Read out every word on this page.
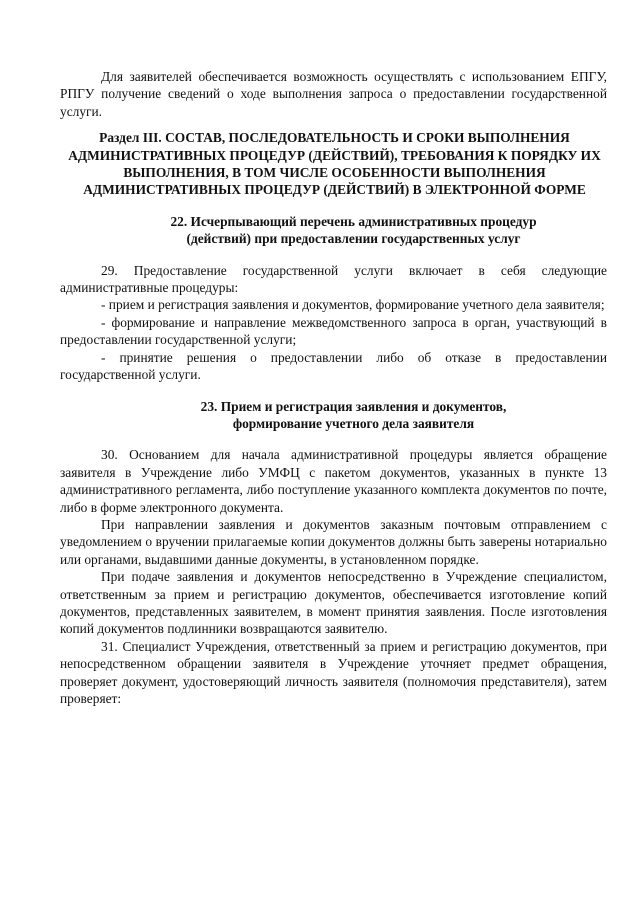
Для заявителей обеспечивается возможность осуществлять с использованием ЕПГУ, РПГУ получение сведений о ходе выполнения запроса о предоставлении государственной услуги.

Раздел III. СОСТАВ, ПОСЛЕДОВАТЕЛЬНОСТЬ И СРОКИ ВЫПОЛНЕНИЯ
АДМИНИСТРАТИВНЫХ ПРОЦЕДУР (ДЕЙСТВИЙ), ТРЕБОВАНИЯ К ПОРЯДКУ ИХ ВЫПОЛНЕНИЯ, В ТОМ ЧИСЛЕ ОСОБЕННОСТИ ВЫПОЛНЕНИЯ АДМИНИСТРАТИВНЫХ ПРОЦЕДУР (ДЕЙСТВИЙ) В ЭЛЕКТРОННОЙ ФОРМЕ
22. Исчерпывающий перечень административных процедур
(действий) при предоставлении государственных услуг

29. Предоставление государственной услуги включает в себя следующие административные процедуры:

- прием и регистрация заявления и документов, формирование учетного дела заявителя;

- формирование и направление межведомственного запроса в орган, участвующий в предоставлении государственной услуги;

- принятие решения о предоставлении либо об отказе в предоставлении государственной услуги.

23. Прием и регистрация заявления и документов,
формирование учетного дела заявителя

30. Основанием для начала административной процедуры является обращение заявителя в Учреждение либо УМФЦ с пакетом документов, указанных в пункте 13 административного регламента, либо поступление указанного комплекта документов по почте, либо в форме электронного документа.

При направлении заявления и документов заказным почтовым отправлением с уведомлением о вручении прилагаемые копии документов должны быть заверены нотариально или органами, выдавшими данные документы, в установленном порядке.

При подаче заявления и документов непосредственно в Учреждение специалистом, ответственным за прием и регистрацию документов, обеспечивается изготовление копий документов, представленных заявителем, в момент принятия заявления. После изготовления копий документов подлинники возвращаются заявителю.

31. Специалист Учреждения, ответственный за прием и регистрацию документов, при непосредственном обращении заявителя в Учреждение уточняет предмет обращения, проверяет документ, удостоверяющий личность заявителя (полномочия представителя), затем проверяет:
